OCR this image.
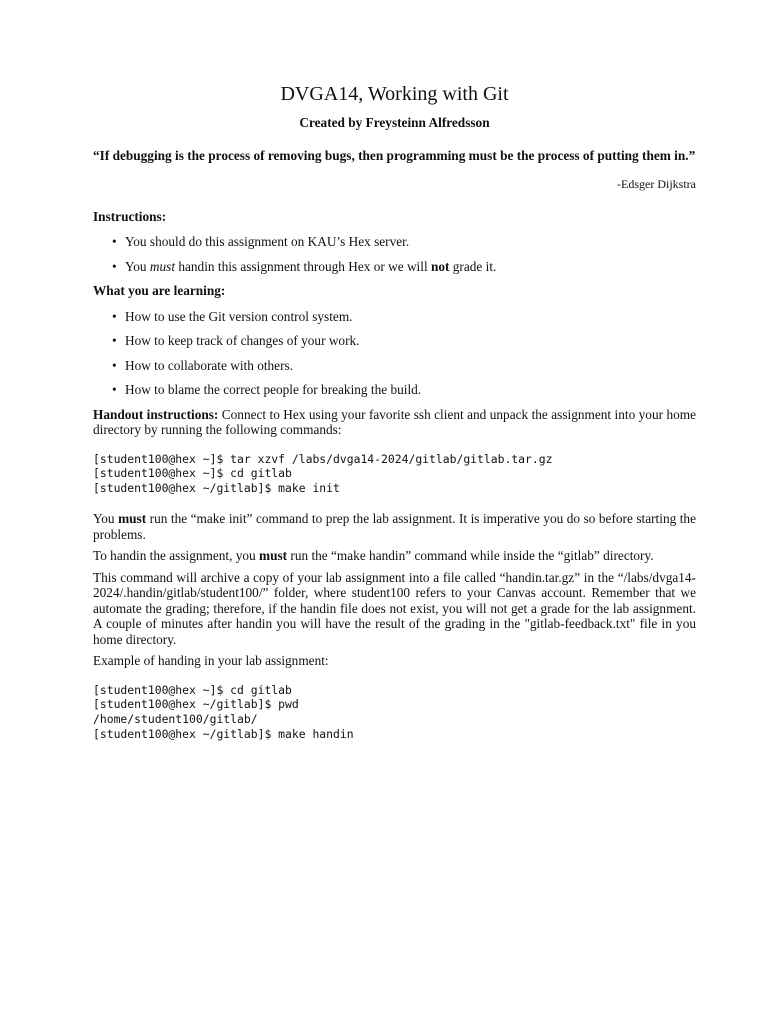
DVGA14, Working with Git

Created by Freysteinn Alfredsson

“If debugging is the process of removing bugs, then programming must be the process of putting them in.”

-Edsger Dijkstra

Instructions:

• You should do this assignment on KAU’s Hex server.
• You must handin this assignment through Hex or we will not grade it.

What you are learning:

• How to use the Git version control system.
• How to keep track of changes of your work.
• How to collaborate with others.
• How to blame the correct people for breaking the build.

Handout instructions: Connect to Hex using your favorite ssh client and unpack the assignment into your home directory by running the following commands:

[student100@hex ~]$ tar xzvf /labs/dvga14-2024/gitlab/gitlab.tar.gz
[student100@hex ~]$ cd gitlab
[student100@hex ~/gitlab]$ make init

You must run the “make init” command to prep the lab assignment. It is imperative you do so before starting the problems.

To handin the assignment, you must run the “make handin” command while inside the “gitlab” directory.

This command will archive a copy of your lab assignment into a file called “handin.tar.gz” in the “/labs/dvga14-2024/.handin/gitlab/student100/” folder, where student100 refers to your Canvas account. Remember that we automate the grading; therefore, if the handin file does not exist, you will not get a grade for the lab assignment. A couple of minutes after handin you will have the result of the grading in the "gitlab-feedback.txt" file in you home directory.

Example of handing in your lab assignment:

[student100@hex ~]$ cd gitlab
[student100@hex ~/gitlab]$ pwd
/home/student100/gitlab/
[student100@hex ~/gitlab]$ make handin
